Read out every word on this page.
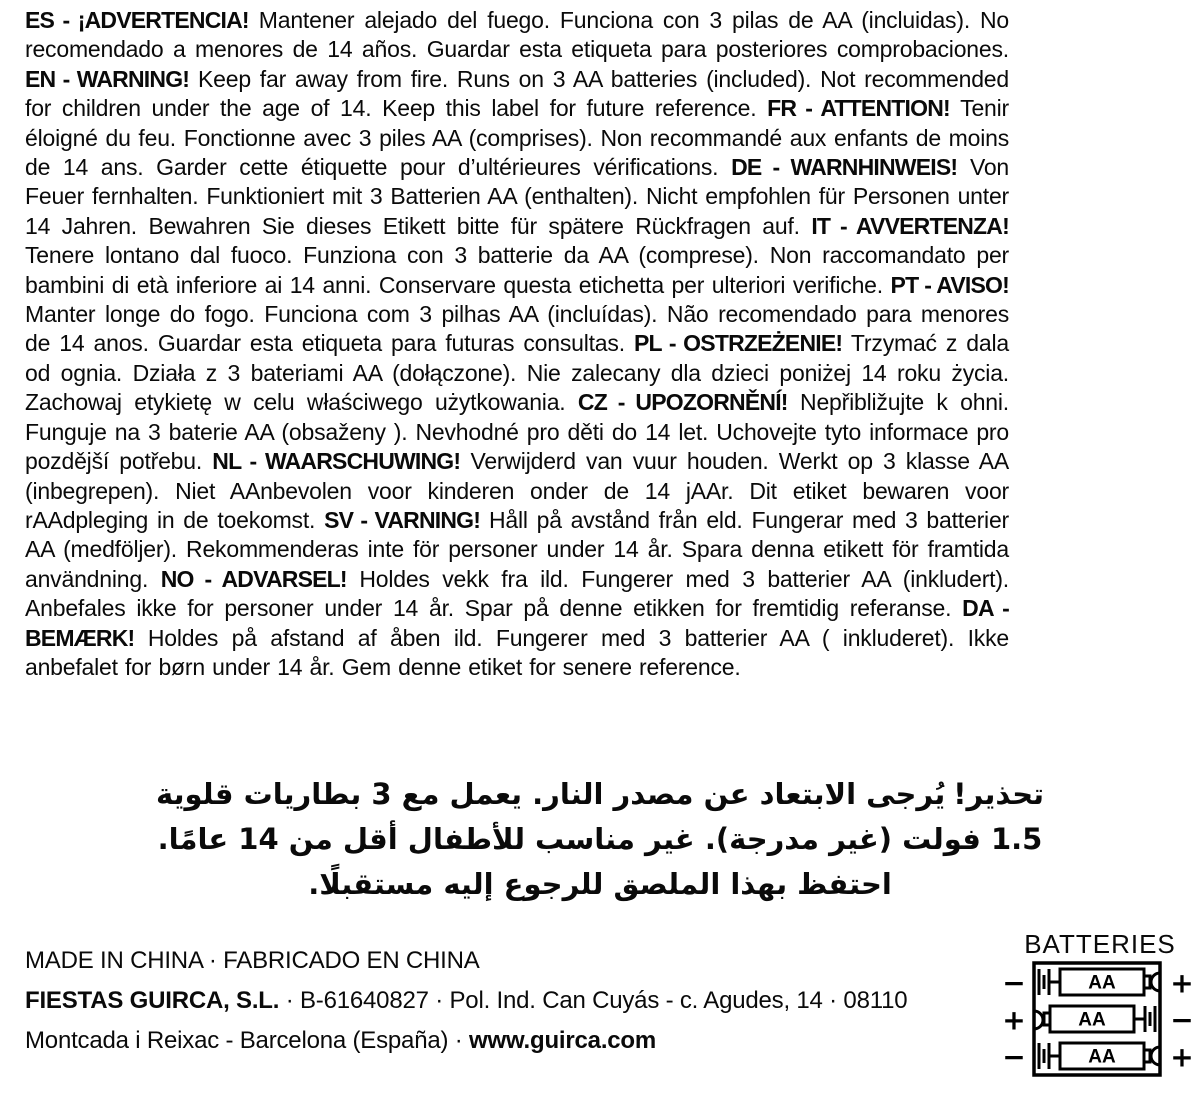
ES - ¡ADVERTENCIA! Mantener alejado del fuego. Funciona con 3 pilas de AA (incluidas). No recomendado a menores de 14 años. Guardar esta etiqueta para posteriores comprobaciones. EN - WARNING! Keep far away from fire. Runs on 3 AA batteries (included). Not recommended for children under the age of 14. Keep this label for future reference. FR - ATTENTION! Tenir éloigné du feu. Fonctionne avec 3 piles AA (comprises). Non recommandé aux enfants de moins de 14 ans. Garder cette étiquette pour d’ultérieures vérifications. DE - WARNHINWEIS! Von Feuer fernhalten. Funktioniert mit 3 Batterien AA (enthalten). Nicht empfohlen für Personen unter 14 Jahren. Bewahren Sie dieses Etikett bitte für spätere Rückfragen auf. IT - AVVERTENZA! Tenere lontano dal fuoco. Funziona con 3 batterie da AA (comprese). Non raccomandato per bambini di età inferiore ai 14 anni. Conservare questa etichetta per ulteriori verifiche. PT - AVISO! Manter longe do fogo. Funciona com 3 pilhas AA (incluídas). Não recomendado para menores de 14 anos. Guardar esta etiqueta para futuras consultas. PL - OSTRZEŻENIE! Trzymać z dala od ognia. Działa z 3 bateriami AA (dołączone). Nie zalecany dla dzieci poniżej 14 roku życia. Zachowaj etykietę w celu właściwego użytkowania. CZ - UPOZORNĚNÍ! Nepřibližujte k ohni. Funguje na 3 baterie AA (obsaženy ). Nevhodné pro děti do 14 let. Uchovejte tyto informace pro pozdější potřebu. NL - WAARSCHUWING! Verwijderd van vuur houden. Werkt op 3 klasse AA (inbegrepen). Niet AAnbevolen voor kinderen onder de 14 jAAr. Dit etiket bewaren voor rAAdpleging in de toekomst. SV - VARNING! Håll på avstånd från eld. Fungerar med 3 batterier AA (medföljer). Rekommenderas inte för personer under 14 år. Spara denna etikett för framtida användning. NO - ADVARSEL! Holdes vekk fra ild. Fungerer med 3 batterier AA (inkludert). Anbefales ikke for personer under 14 år. Spar på denne etikken for fremtidig referanse. DA - BEMÆRK! Holdes på afstand af åben ild. Fungerer med 3 batterier AA ( inkluderet). Ikke anbefalet for børn under 14 år. Gem denne etiket for senere reference.

تحذير!يُرجى الابتعاد عن مصدر النار. يعمل مع 3 بطاريات قلوية 1.5 فولت (غير مدرجة). غير مناسب للأطفال أقل من 14 عامًا. احتفظ بهذا الملصق للرجوع إليه مستقبلًا.
MADE IN CHINA · FABRICADO EN CHINA
FIESTAS GUIRCA, S.L. · B-61640827 · Pol. Ind. Can Cuyás - c. Agudes, 14 · 08110
Montcada i Reixac - Barcelona (España) · www.guirca.com
BATTERIES
−	AA +
+	AA −
−	AA +
